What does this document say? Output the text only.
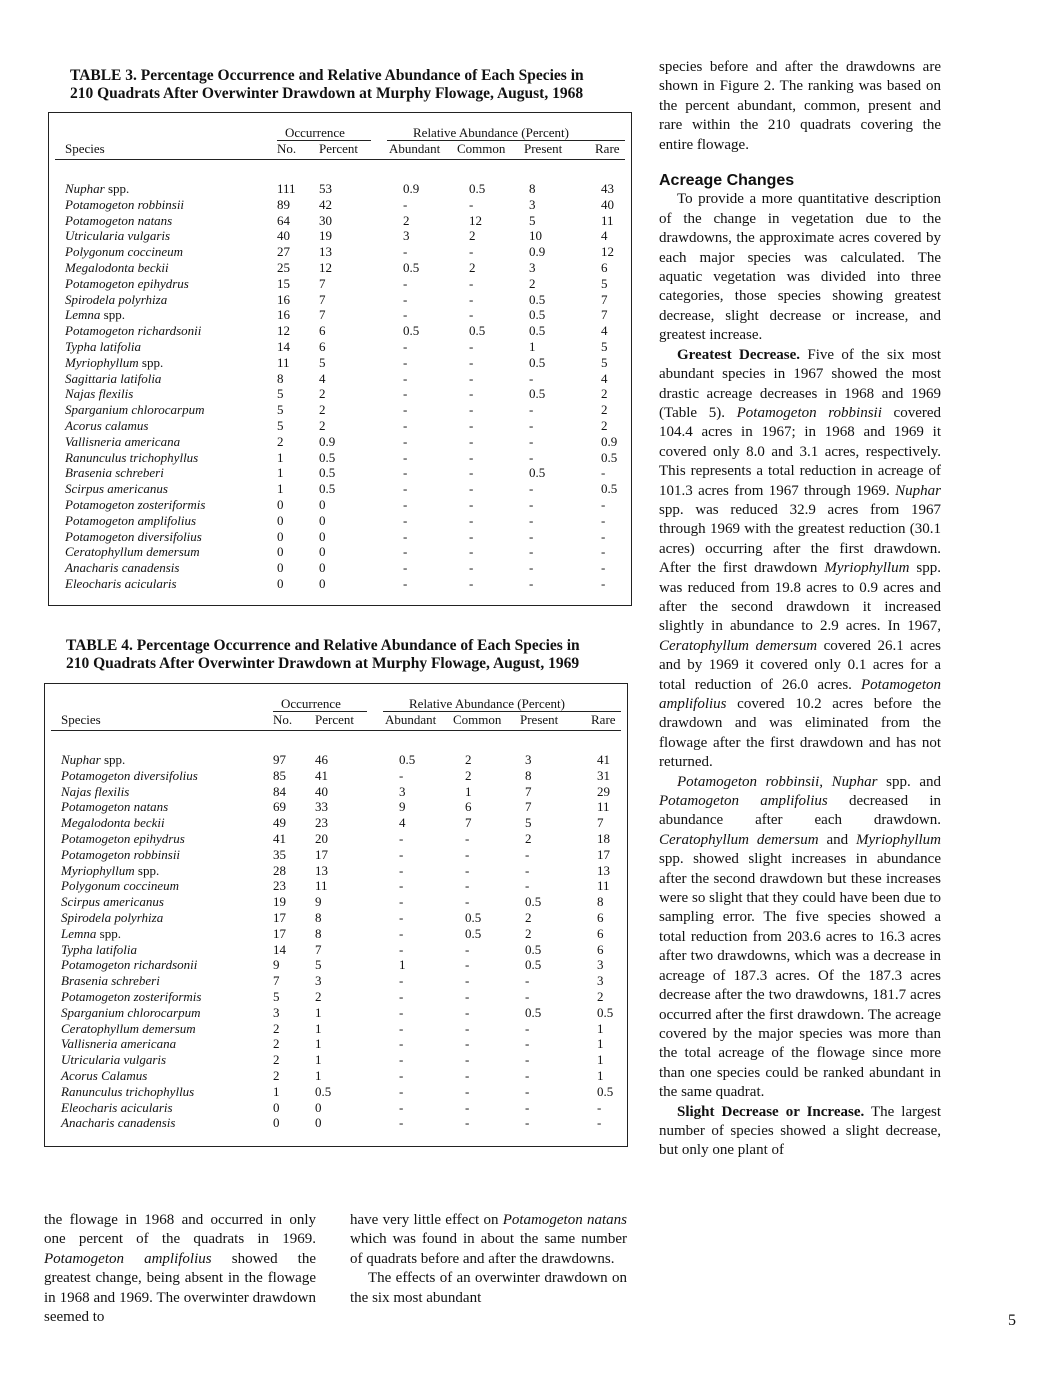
TABLE 3. Percentage Occurrence and Relative Abundance of Each Species in
210 Quadrats After Overwinter Drawdown at Murphy Flowage, August, 1968
Occurrence	Relative Abundance (Percent)
Species	No. Percent Abundant Common Present	Rare
Nuphar spp.	111 53	0.9	0.5	8	43
Potamogeton robbinsii	89 42	-	-	3	40
Potamogeton natans	64 30	2	12	5	11
Utricularia vulgaris	40 19	3	2	10	4
Polygonum coccineum	27 13	-	-	0.9	12
Megalodonta beckii	25 12	0.5	2	3	6
Potamogeton epihydrus	15 7	-	-	2	5
Spirodela polyrhiza	16 7	-	-	0.5	7
Lemna spp.	16 7	-	-	0.5	7
Potamogeton richardsonii	12 6	0.5	0.5	0.5	4
Typha latifolia	14 6	-	-	1	5
Myriophyllum spp.	11 5	-	-	0.5	5
Sagittaria latifolia	8	4	-	-	-	4
Najas flexilis	5	2	-	-	0.5	2
Sparganium chlorocarpum	5	2	-	-	-	2
Acorus calamus	5	2	-	-	-	2
Vallisneria americana	2	0.9	-	-	-	0.9
Ranunculus trichophyllus	1	0.5	-	-	-	0.5
Brasenia schreberi	1	0.5	-	-	0.5	-
Scirpus americanus	1	0.5	-	-	-	0.5
Potamogeton zosteriformis	0	0	-	-	-	-
Potamogeton amplifolius	0	0	-	-	-	-
Potamogeton diversifolius	0	0	-	-	-	-
Ceratophyllum demersum	0	0	-	-	-	-
Anacharis canadensis	0	0	-	-	-	-
Eleocharis acicularis	0	0	-	-	-	-
TABLE 4. Percentage Occurrence and Relative Abundance of Each Species in
210 Quadrats After Overwinter Drawdown at Murphy Flowage, August, 1969
Occurrence	Relative Abundance (Percent)
Species	No. Percent Abundant Common Present	Rare
Nuphar spp.	97 46	0.5	2	3	41
Potamogeton diversifolius	85 41	-	2	8	31
Najas flexilis	84 40	3	1	7	29
Potamogeton natans	69 33	9	6	7	11
Megalodonta beckii	49 23	4	7	5	7
Potamogeton epihydrus	41 20	-	-	2	18
Potamogeton robbinsii	35 17	-	-	-	17
Myriophyllum spp.	28 13	-	-	-	13
Polygonum coccineum	23 11	-	-	-	11
Scirpus americanus	19 9	-	-	0.5	8
Spirodela polyrhiza	17 8	-	0.5	2	6
Lemna spp.	17 8	-	0.5	2	6
Typha latifolia	14 7	-	-	0.5	6
Potamogeton richardsonii	9	5	1	-	0.5	3
Brasenia schreberi	7	3	-	-	-	3
Potamogeton zosteriformis	5	2	-	-	-	2
Sparganium chlorocarpum	3	1	-	-	0.5	0.5
Ceratophyllum demersum	2	1	-	-	-	1
Vallisneria americana	2	1	-	-	-	1
Utricularia vulgaris	2	1	-	-	-	1
Acorus Calamus	2	1	-	-	-	1
Ranunculus trichophyllus	1	0.5	-	-	-	0.5
Eleocharis acicularis	0	0	-	-	-	-
Anacharis canadensis	0	0	-	-	-	-

the flowage in 1968 and occurred in only one percent of the quadrats in 1969. Potamogeton amplifolius showed the greatest change, being absent in the flowage in 1968 and 1969. The overwinter drawdown seemed to

have very little effect on Potamogeton natans which was found in about the same number of quadrats before and after the drawdowns.

The effects of an overwinter drawdown on the six most abundant

species before and after the drawdowns are shown in Figure 2. The ranking was based on the percent abundant, common, present and rare within the 210 quadrats covering the entire flowage.

Acreage Changes

To provide a more quantitative description of the change in vegetation due to the drawdowns, the approximate acres covered by each major species was calculated. The aquatic vegetation was divided into three categories, those species showing greatest decrease, slight decrease or increase, and greatest increase.

Greatest Decrease. Five of the six most abundant species in 1967 showed the most drastic acreage decreases in 1968 and 1969 (Table 5). Potamogeton robbinsii covered 104.4 acres in 1967; in 1968 and 1969 it covered only 8.0 and 3.1 acres, respectively. This represents a total reduction in acreage of 101.3 acres from 1967 through 1969. Nuphar spp. was reduced 32.9 acres from 1967 through 1969 with the greatest reduction (30.1 acres) occurring after the first drawdown. After the first drawdown Myriophyllum spp. was reduced from 19.8 acres to 0.9 acres and after the second drawdown it increased slightly in abundance to 2.9 acres. In 1967, Ceratophyllum demersum covered 26.1 acres and by 1969 it covered only 0.1 acres for a total reduction of 26.0 acres. Potamogeton amplifolius covered 10.2 acres before the drawdown and was eliminated from the flowage after the first drawdown and has not returned.

Potamogeton robbinsii, Nuphar spp. and Potamogeton amplifolius decreased in abundance after each drawdown. Ceratophyllum demersum and Myriophyllum spp. showed slight increases in abundance after the second drawdown but these increases were so slight that they could have been due to sampling error. The five species showed a total reduction from 203.6 acres to 16.3 acres after two drawdowns, which was a decrease in acreage of 187.3 acres. Of the 187.3 acres decrease after the two drawdowns, 181.7 acres occurred after the first drawdown. The acreage covered by the major species was more than the total acreage of the flowage since more than one species could be ranked abundant in the same quadrat.

Slight Decrease or Increase. The largest number of species showed a slight decrease, but only one plant of

5
